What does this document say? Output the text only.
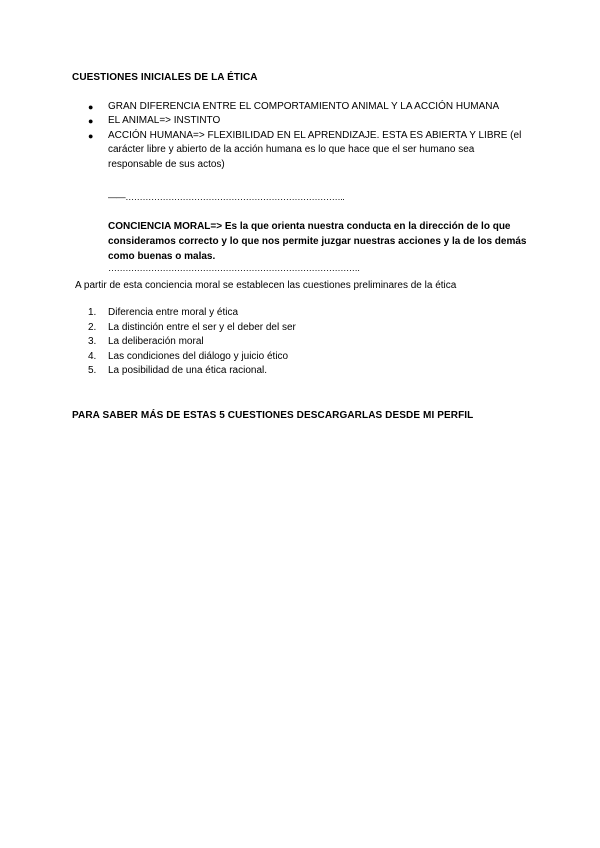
CUESTIONES INICIALES DE LA ÉTICA
● GRAN DIFERENCIA ENTRE EL COMPORTAMIENTO ANIMAL Y LA ACCIÓN HUMANA
● EL ANIMAL=> INSTINTO
● ACCIÓN HUMANA=> FLEXIBILIDAD EN EL APRENDIZAJE. ESTA ES ABIERTA Y LIBRE (el carácter libre y abierto de la acción humana es lo que hace que el ser humano sea responsable de sus actos)
——…………………………………………………………………..
CONCIENCIA MORAL=> Es la que orienta nuestra conducta en la dirección de lo que consideramos correcto y lo que nos permite juzgar nuestras acciones y la de los demás como buenas o malas.
…………………………………………………………………………….
A partir de esta conciencia moral se establecen las cuestiones preliminares de la ética
1. Diferencia entre moral y ética
2. La distinción entre el ser y el deber del ser
3. La deliberación moral
4. Las condiciones del diálogo y juicio ético
5. La posibilidad de una ética racional.
PARA SABER MÁS DE ESTAS 5 CUESTIONES DESCARGARLAS DESDE MI PERFIL
